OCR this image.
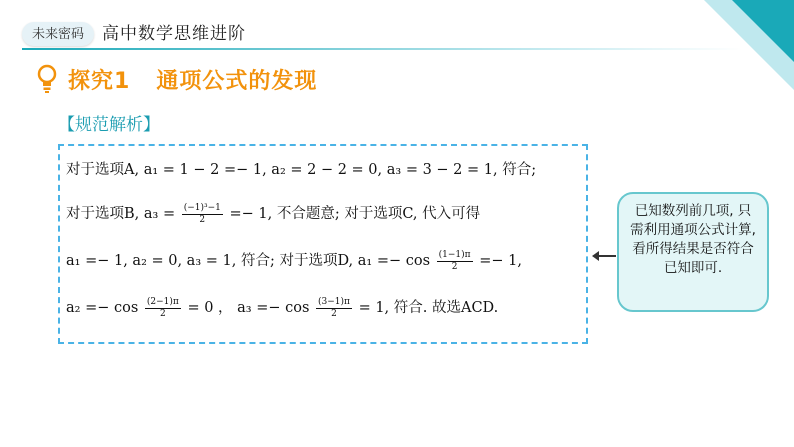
未来密码	高中数学思维进阶
探究1 通项公式的发现
【规范解析】
对于选项A, a₁ = 1 − 2 =− 1, a₂ = 2 − 2 = 0, a₃ = 3 − 2 = 1, 符合;
对于选项B, $a_3 = \frac{\text{(−1)³−1}}{2} =- 1$, 不合题意; 对于选项C, 代入可得
a₁ =− 1, a₂ = 0, a₃ = 1, 符合; 对于选项D, $a_1 =- \cos \frac{(1-1)\pi}{2} =- 1$,
$a_2 =- \cos \frac{(2-1)\pi}{2} = 0$ ， $a_3 =- \cos \frac{(3-1)\pi}{2} = 1$, 符合. 故选ACD.
已知数列前几项, 只需利用通项公式计算,看所得结果是否符合已知即可.
